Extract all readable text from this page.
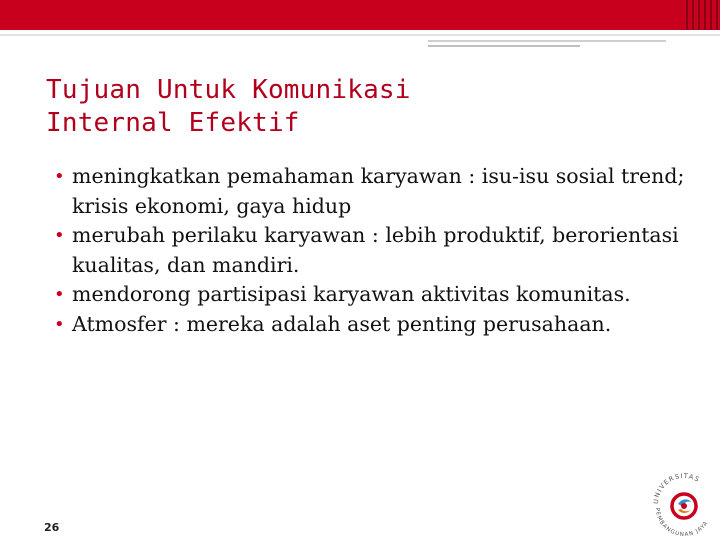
Tujuan Untuk Komunikasi
Internal Efektif
• meningkatkan pemahaman karyawan : isu-isu sosial trend; krisis ekonomi, gaya hidup
• merubah perilaku karyawan : lebih produktif, berorientasi kualitas, dan mandiri.
• mendorong partisipasi karyawan aktivitas komunitas.
• Atmosfer : mereka adalah aset penting perusahaan.
26
UNIVERSITAS
PEMBANGUNAN JAYA
